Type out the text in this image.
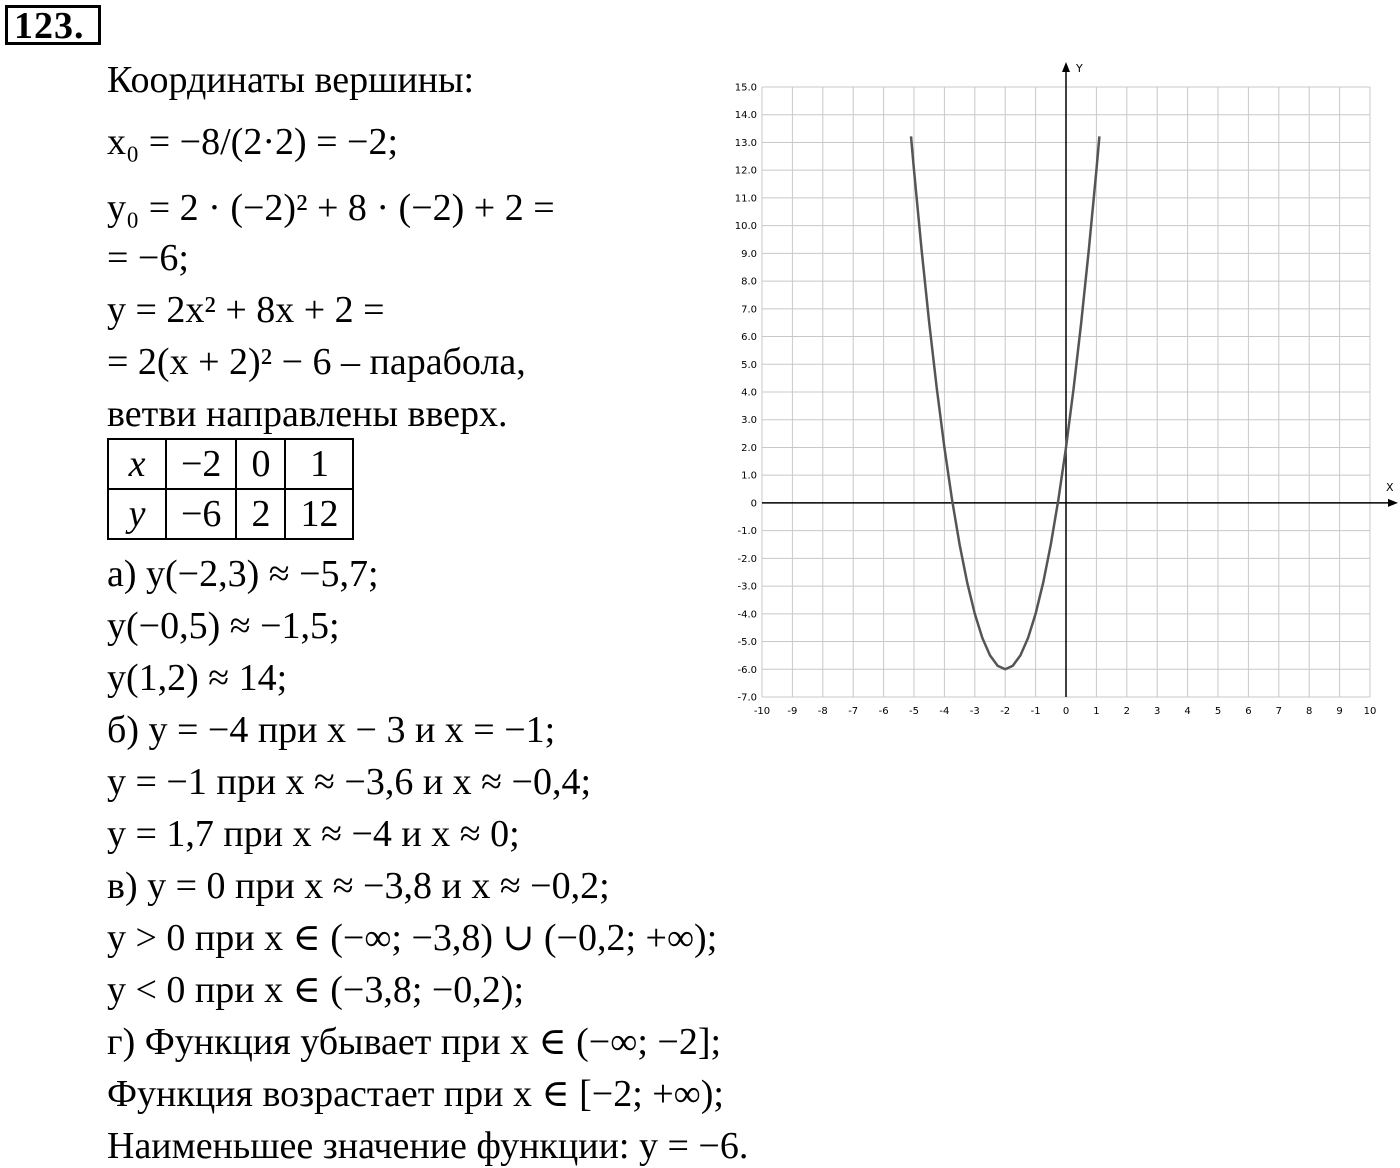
123.
Координаты вершины:
x₀ = −8/(2·2) = −2;
y₀ = 2 · (−2)² + 8 · (−2) + 2 =
= −6;
y = 2x² + 8x + 2 =
= 2(x + 2)² − 6 – парабола,
ветви направлены вверх.
x	−2	0	1
y	−6	2	12
а) y(−2,3) ≈ −5,7;
y(−0,5) ≈ −1,5;
y(1,2) ≈ 14;
б) y = −4 при x − 3 и x = −1;
y = −1 при x ≈ −3,6 и x ≈ −0,4;
y = 1,7 при x ≈ −4 и x ≈ 0;
в) y = 0 при x ≈ −3,8 и x ≈ −0,2;
y > 0 при x ∈ (−∞; −3,8) ∪ (−0,2; +∞);
y < 0 при x ∈ (−3,8; −0,2);
г) Функция убывает при x ∈ (−∞; −2];
Функция возрастает при x ∈ [−2; +∞);
Наименьшее значение функции: y = −6.
-10 -9 -8 -7 -6 -5 -4 -3 -2 -1 0 1 2 3 4 5 6 7 8 9 10
15.0
14.0
13.0
12.0
11.0
10.0
9.0
8.0
7.0
6.0
5.0
4.0
3.0
2.0
1.0
0
-1.0
-2.0
-3.0
-4.0
-5.0
-6.0
-7.0
X
Y
